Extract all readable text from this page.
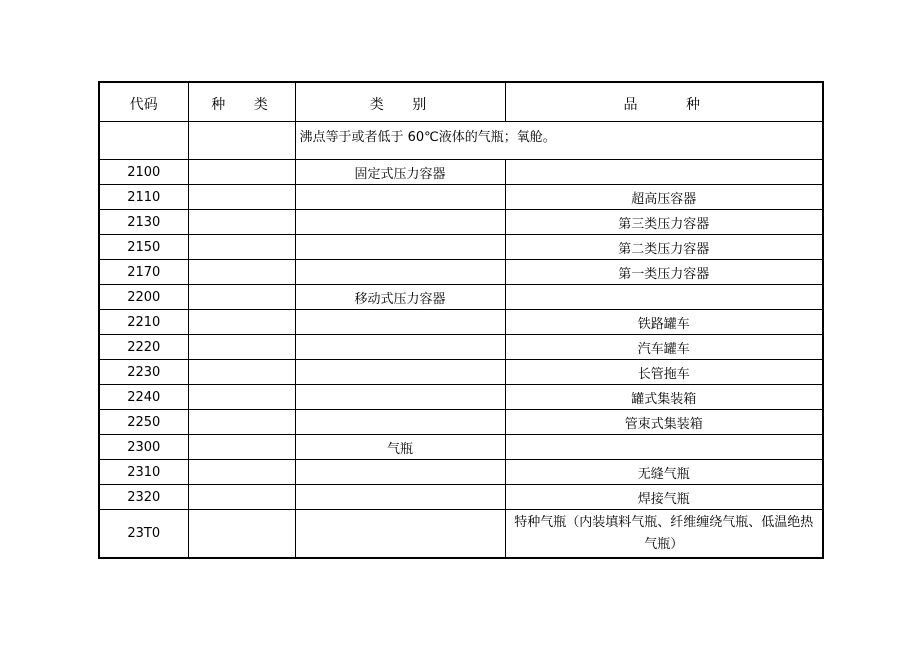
代码	种 类	类 别	品 种
		沸点等于或者低于 60℃液体的气瓶；氧舱。	
2100		固定式压力容器	
2110			超高压容器
2130			第三类压力容器
2150			第二类压力容器
2170			第一类压力容器
2200		移动式压力容器	
2210			铁路罐车
2220			汽车罐车
2230			长管拖车
2240			罐式集装箱
2250			管束式集装箱
2300		气瓶	
2310			无缝气瓶
2320			焊接气瓶
23T0			特种气瓶（内装填料气瓶、纤维缠绕气瓶、低温绝热气瓶）
